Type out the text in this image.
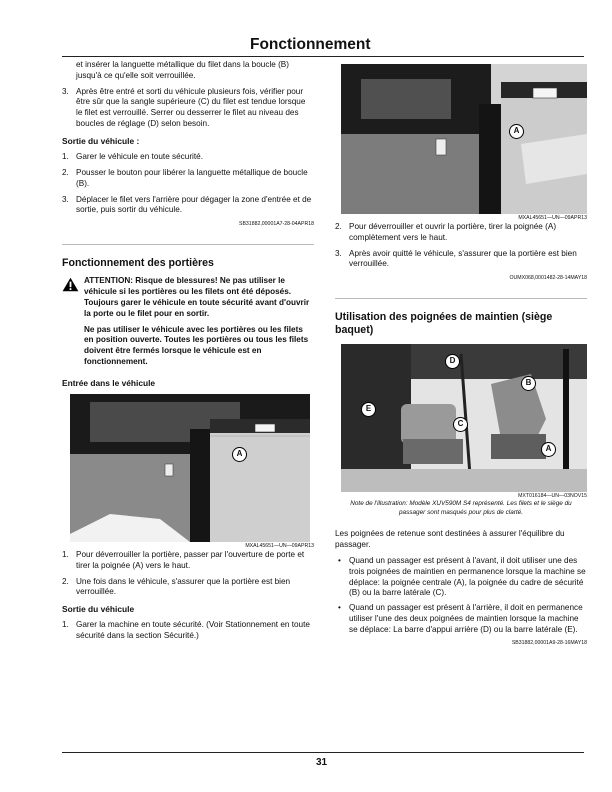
Fonctionnement

et insérer la languette métallique du filet dans la boucle (B) jusqu'à ce qu'elle soit verrouillée.

3. Après être entré et sorti du véhicule plusieurs fois, vérifier pour être sûr que la sangle supérieure (C) du filet est tendue lorsque le filet est verrouillé. Serrer ou desserrer le filet au niveau des boucles de réglage (D) selon besoin.
Sortie du véhicule :
1. Garer le véhicule en toute sécurité.
2. Pousser le bouton pour libérer la languette métallique de boucle (B).
3. Déplacer le filet vers l'arrière pour dégager la zone d'entrée et de sortie, puis sortir du véhicule.
SB31882,00001A7-28-04APR18
Fonctionnement des portières

ATTENTION: Risque de blessures! Ne pas utiliser le véhicule si les portières ou les filets ont été déposés. Toujours garer le véhicule en toute sécurité avant d'ouvrir la porte ou le filet pour en sortir.

Ne pas utiliser le véhicule avec les portières ou les filets en position ouverte. Toutes les portières ou tous les filets doivent être fermés lorsque le véhicule est en fonctionnement.

Entrée dans le véhicule
A
MXAL45651—UN—09APR13
1. Pour déverrouiller la portière, passer par l'ouverture de porte et tirer la poignée (A) vers le haut.
2. Une fois dans le véhicule, s'assurer que la portière est bien verrouillée.
Sortie du véhicule
1. Garer la machine en toute sécurité. (Voir Stationnement en toute sécurité dans la section Sécurité.)
A
MXAL45651—UN—09APR13
2. Pour déverrouiller et ouvrir la portière, tirer la poignée (A) complètement vers le haut.
3. Après avoir quitté le véhicule, s'assurer que la portière est bien verrouillée.
OUMX068,0001482-28-14MAY18
Utilisation des poignées de maintien (siège baquet)
D
B
E
C
A
MXT016184—UN—03NOV15
Note de l'illustration: Modèle XUV590M S4 représenté. Les filets et le siège du passager sont masqués pour plus de clarté.

Les poignées de retenue sont destinées à assurer l'équilibre du passager.

• Quand un passager est présent à l'avant, il doit utiliser une des trois poignées de maintien en permanence lorsque la machine se déplace: la poignée centrale (A), la poignée du cadre de sécurité (B) ou la barre latérale (C).
• Quand un passager est présent à l'arrière, il doit en permanence utiliser l'une des deux poignées de maintien lorsque la machine se déplace: La barre d'appui arrière (D) ou la barre latérale (E).
SB31882,00001A9-28-16MAY18
31
